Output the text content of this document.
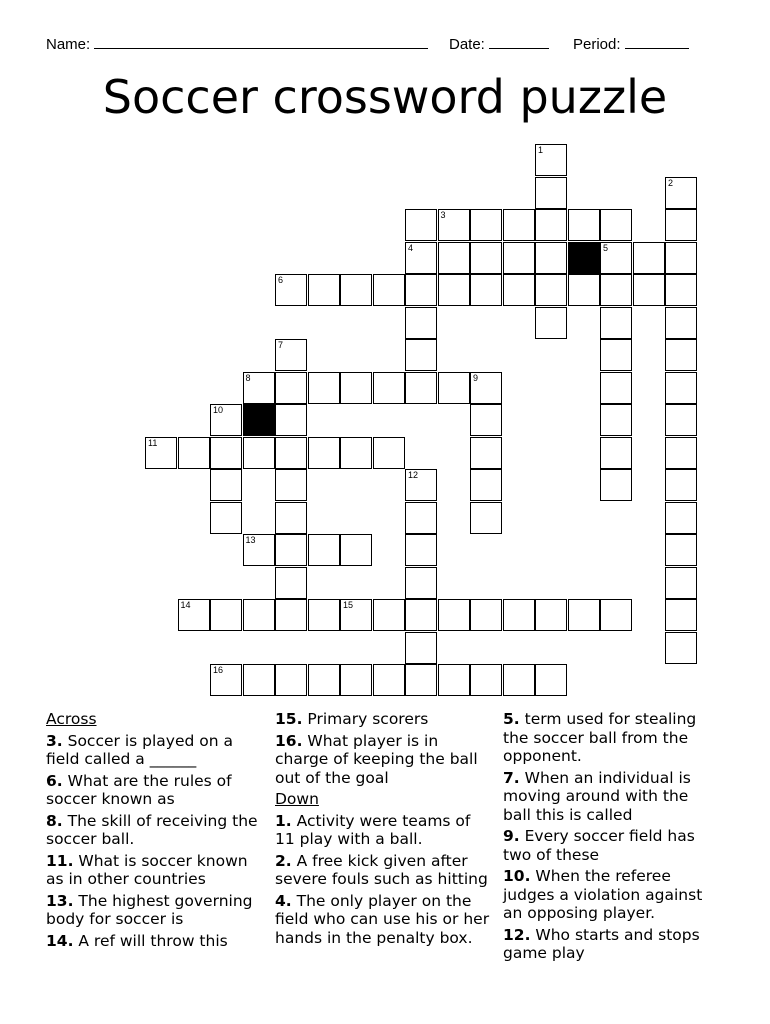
Name:	Date:	Period:
Soccer crossword puzzle
1
2
3
4	5
6
7
8	9
10
11
12
13
14	15
16
Across
3. Soccer is played on a field called a ______
6. What are the rules of soccer known as
8. The skill of receiving the soccer ball.
11. What is soccer known as in other countries
13. The highest governing body for soccer is
14. A ref will throw this
15. Primary scorers
16. What player is in charge of keeping the ball out of the goal
Down
1. Activity were teams of 11 play with a ball.
2. A free kick given after severe fouls such as hitting
4. The only player on the field who can use his or her hands in the penalty box.
5. term used for stealing the soccer ball from the opponent.
7. When an individual is moving around with the ball this is called
9. Every soccer field has two of these
10. When the referee judges a violation against an opposing player.
12. Who starts and stops game play
